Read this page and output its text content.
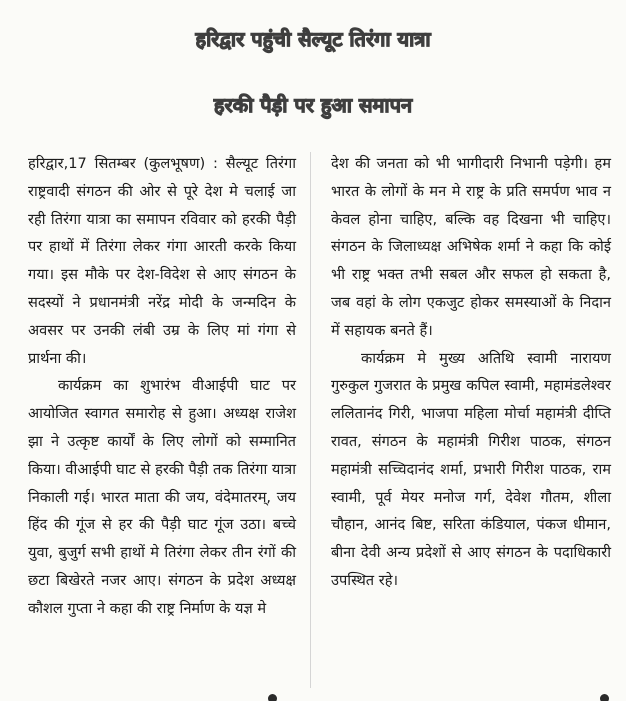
हरिद्वार पहुंची सैल्यूट तिरंगा यात्रा
हरकी पैड़ी पर हुआ समापन

हरिद्वार,17 सितम्बर (कुलभूषण) : सैल्यूट तिरंगा राष्ट्रवादी संगठन की ओर से पूरे देश मे चलाई जा रही तिरंगा यात्रा का समापन रविवार को हरकी पैड़ी पर हाथों में तिरंगा लेकर गंगा आरती करके किया गया। इस मौके पर देश-विदेश से आए संगठन के सदस्यों ने प्रधानमंत्री नरेंद्र मोदी के जन्मदिन के अवसर पर उनकी लंबी उम्र के लिए मां गंगा से प्रार्थना की।

कार्यक्रम का शुभारंभ वीआईपी घाट पर आयोजित स्वागत समारोह से हुआ। अध्यक्ष राजेश झा ने उत्कृष्ट कार्यों के लिए लोगों को सम्मानित किया। वीआईपी घाट से हरकी पैड़ी तक तिरंगा यात्रा निकाली गई। भारत माता की जय, वंदेमातरम्, जय हिंद की गूंज से हर की पैड़ी घाट गूंज उठा। बच्चे युवा, बुजुर्ग सभी हाथों मे तिरंगा लेकर तीन रंगों की छटा बिखेरते नजर आए। संगठन के प्रदेश अध्यक्ष कौशल गुप्ता ने कहा की राष्ट्र निर्माण के यज्ञ मे

देश की जनता को भी भागीदारी निभानी पड़ेगी। हम भारत के लोगों के मन मे राष्ट्र के प्रति समर्पण भाव न केवल होना चाहिए, बल्कि वह दिखना भी चाहिए। संगठन के जिलाध्यक्ष अभिषेक शर्मा ने कहा कि कोई भी राष्ट्र भक्त तभी सबल और सफल हो सकता है, जब वहां के लोग एकजुट होकर समस्याओं के निदान में सहायक बनते हैं।

कार्यक्रम मे मुख्य अतिथि स्वामी नारायण गुरुकुल गुजरात के प्रमुख कपिल स्वामी, महामंडलेश्वर ललितानंद गिरी, भाजपा महिला मोर्चा महामंत्री दीप्ति रावत, संगठन के महामंत्री गिरीश पाठक, संगठन महामंत्री सच्चिदानंद शर्मा, प्रभारी गिरीश पाठक, राम स्वामी, पूर्व मेयर मनोज गर्ग, देवेश गौतम, शीला चौहान, आनंद बिष्ट, सरिता कंडियाल, पंकज धीमान, बीना देवी अन्य प्रदेशों से आए संगठन के पदाधिकारी उपस्थित रहे।
